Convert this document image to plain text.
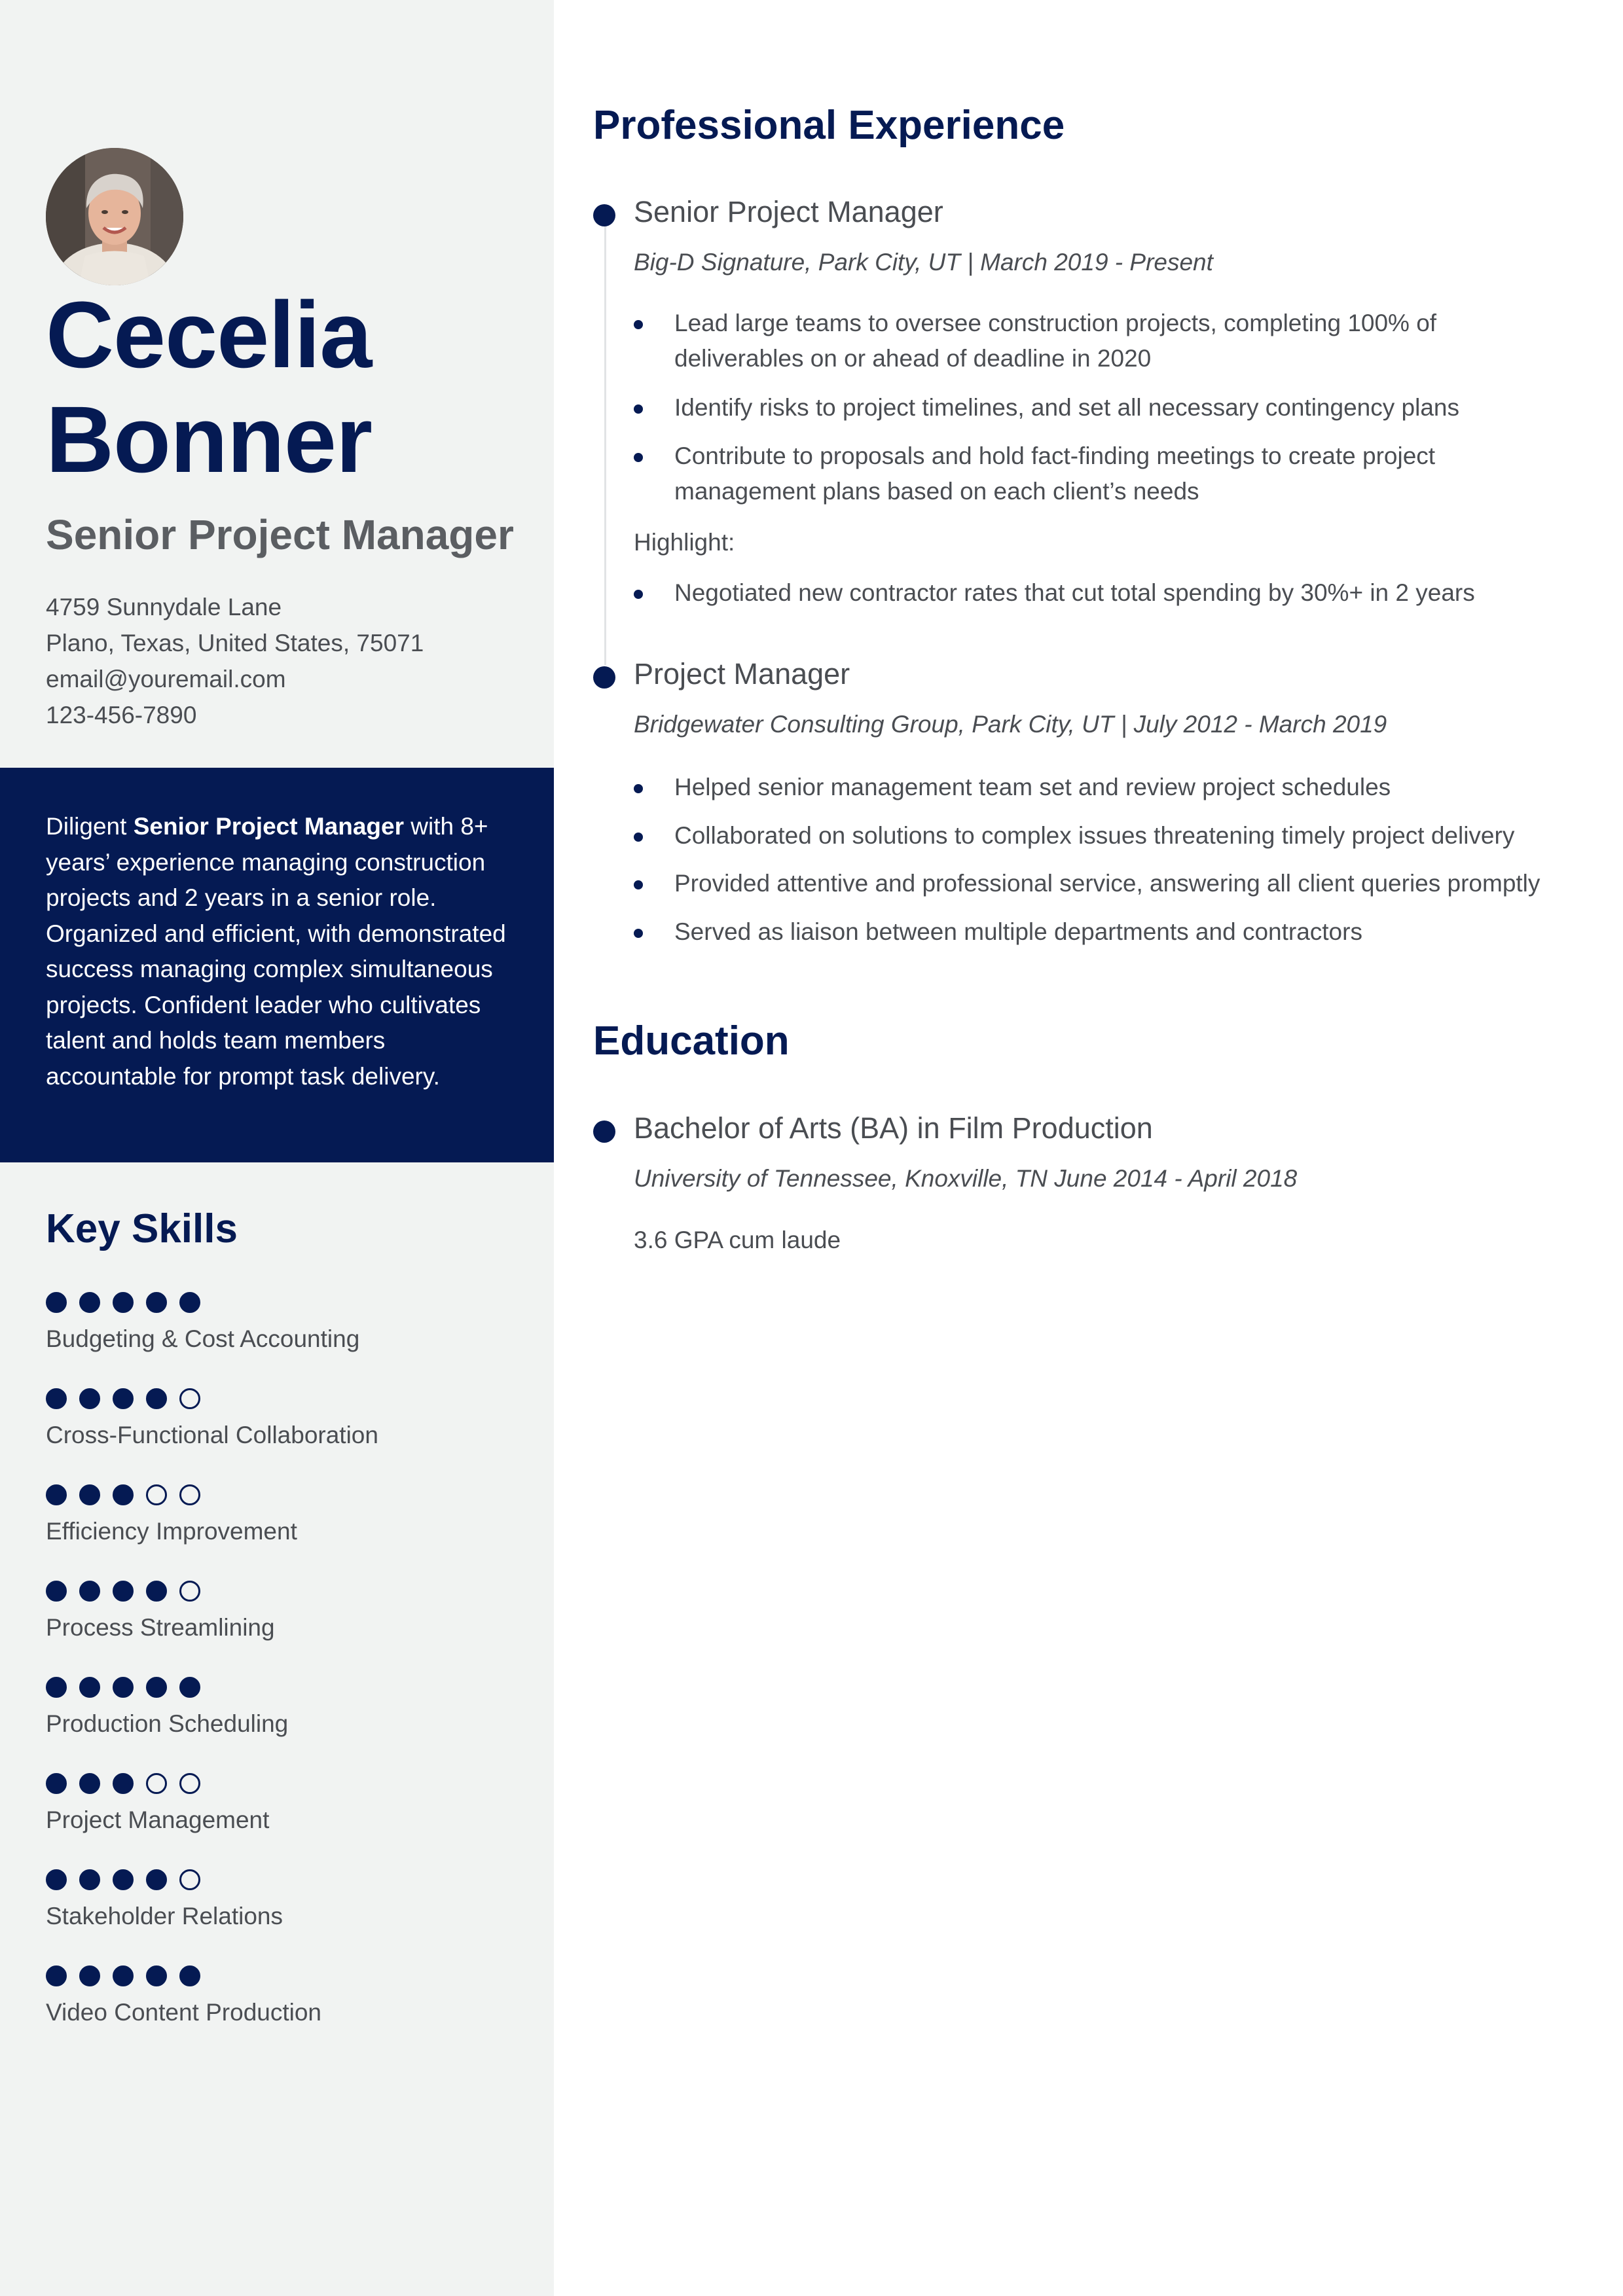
Cecelia
Bonner
Senior Project Manager
4759 Sunnydale Lane
Plano, Texas, United States, 75071
email@youremail.com
123-456-7890
Diligent Senior Project Manager with 8+ years’ experience managing construction projects and 2 years in a senior role. Organized and efficient, with demonstrated success managing complex simultaneous projects. Confident leader who cultivates talent and holds team members accountable for prompt task delivery.
Key Skills
Budgeting & Cost Accounting
Cross-Functional Collaboration
Efficiency Improvement
Process Streamlining
Production Scheduling
Project Management
Stakeholder Relations
Video Content Production
Professional Experience
Senior Project Manager
Big-D Signature, Park City, UT | March 2019 - Present
Lead large teams to oversee construction projects, completing 100% of deliverables on or ahead of deadline in 2020
Identify risks to project timelines, and set all necessary contingency plans
Contribute to proposals and hold fact-finding meetings to create project management plans based on each client’s needs
Highlight:
Negotiated new contractor rates that cut total spending by 30%+ in 2 years
Project Manager
Bridgewater Consulting Group, Park City, UT | July 2012 - March 2019
Helped senior management team set and review project schedules
Collaborated on solutions to complex issues threatening timely project delivery
Provided attentive and professional service, answering all client queries promptly
Served as liaison between multiple departments and contractors
Education
Bachelor of Arts (BA) in Film Production
University of Tennessee, Knoxville, TN June 2014 - April 2018
3.6 GPA cum laude
